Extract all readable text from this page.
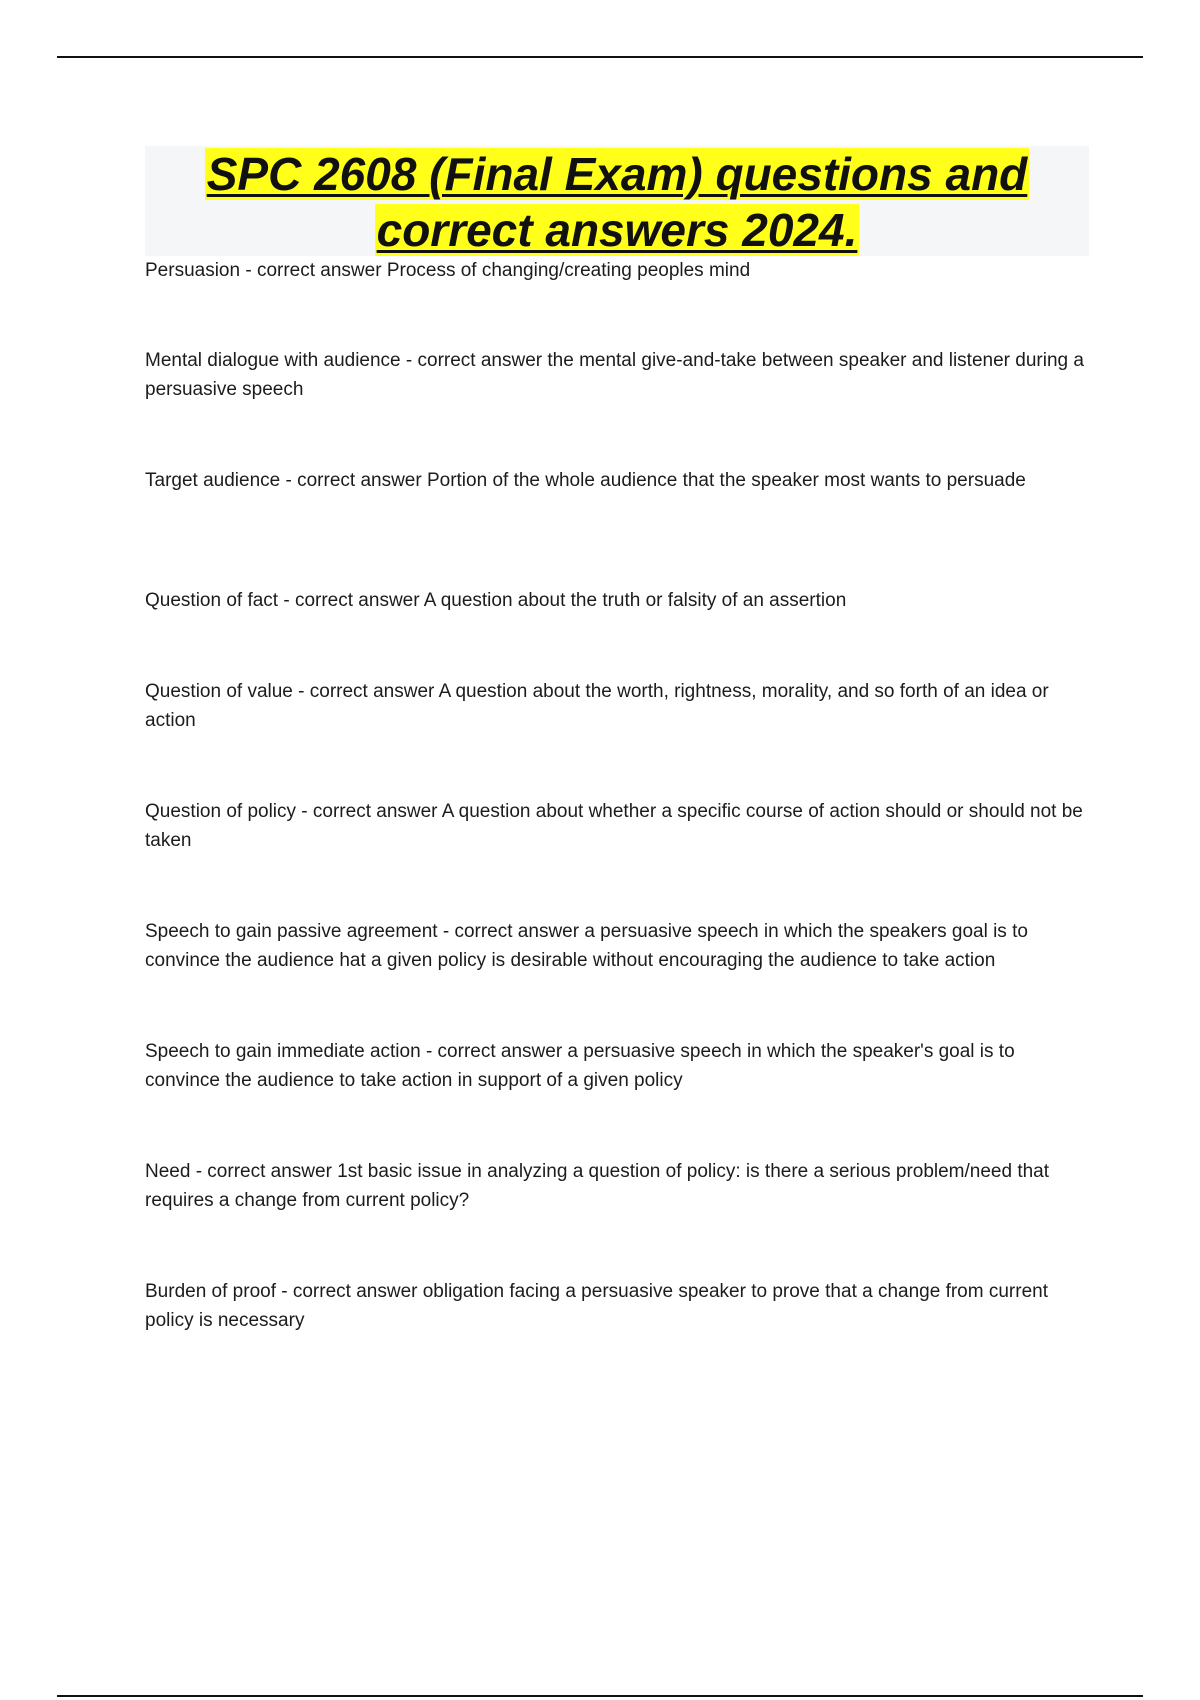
SPC 2608 (Final Exam) questions and correct answers 2024.
Persuasion - correct answer Process of changing/creating peoples mind
Mental dialogue with audience - correct answer the mental give-and-take between speaker and listener during a persuasive speech
Target audience - correct answer Portion of the whole audience that the speaker most wants to persuade
Question of fact - correct answer A question about the truth or falsity of an assertion
Question of value - correct answer A question about the worth, rightness, morality, and so forth of an idea or action
Question of policy - correct answer A question about whether a specific course of action should or should not be taken
Speech to gain passive agreement - correct answer a persuasive speech in which the speakers goal is to convince the audience hat a given policy is desirable without encouraging the audience to take action
Speech to gain immediate action - correct answer a persuasive speech in which the speaker's goal is to convince the audience to take action in support of a given policy
Need - correct answer 1st basic issue in analyzing a question of policy: is there a serious problem/need that requires a change from current policy?
Burden of proof - correct answer obligation facing a persuasive speaker to prove that a change from current policy is necessary
